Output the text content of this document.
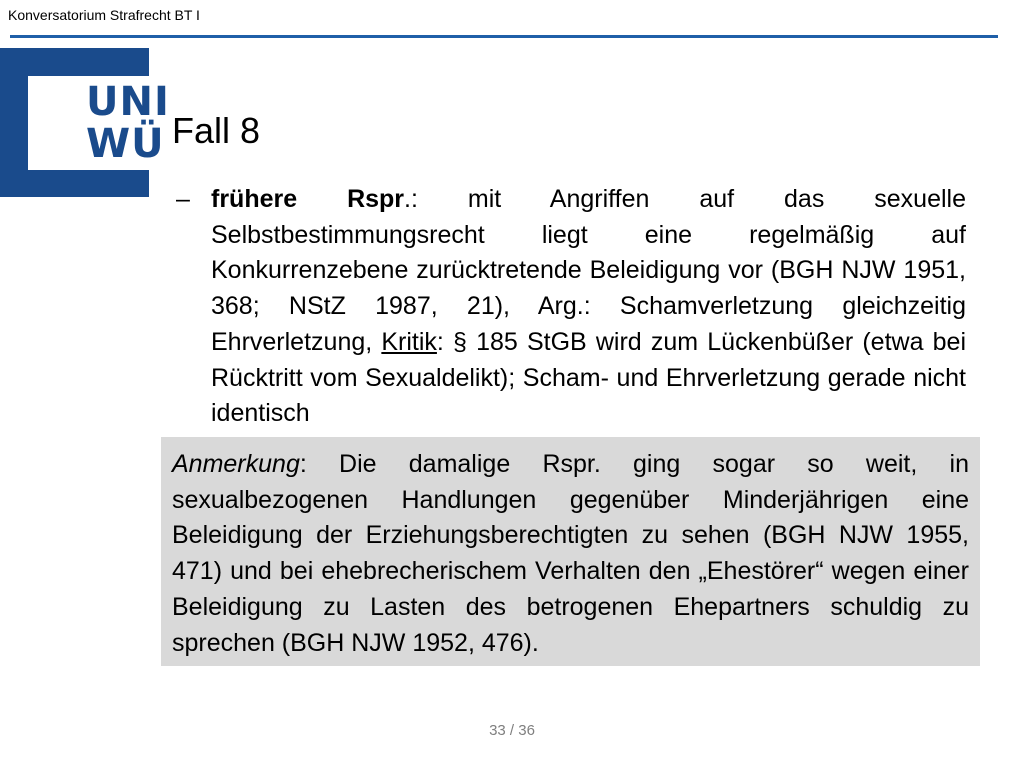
Konversatorium Strafrecht BT I
UNI
WÜ Fall 8
– frühere Rspr.: mit Angriffen auf das sexuelle Selbstbestimmungsrecht liegt eine regelmäßig auf Konkurrenzebene zurücktretende Beleidigung vor (BGH NJW 1951, 368; NStZ 1987, 21), Arg.: Schamverletzung gleichzeitig Ehrverletzung, Kritik: § 185 StGB wird zum Lückenbüßer (etwa bei Rücktritt vom Sexualdelikt); Scham- und Ehrverletzung gerade nicht identisch
Anmerkung: Die damalige Rspr. ging sogar so weit, in sexualbezogenen Handlungen gegenüber Minderjährigen eine Beleidigung der Erziehungsberechtigten zu sehen (BGH NJW 1955, 471) und bei ehebrecherischem Verhalten den „Ehestörer“ wegen einer Beleidigung zu Lasten des betrogenen Ehepartners schuldig zu sprechen (BGH NJW 1952, 476).
33 / 36
